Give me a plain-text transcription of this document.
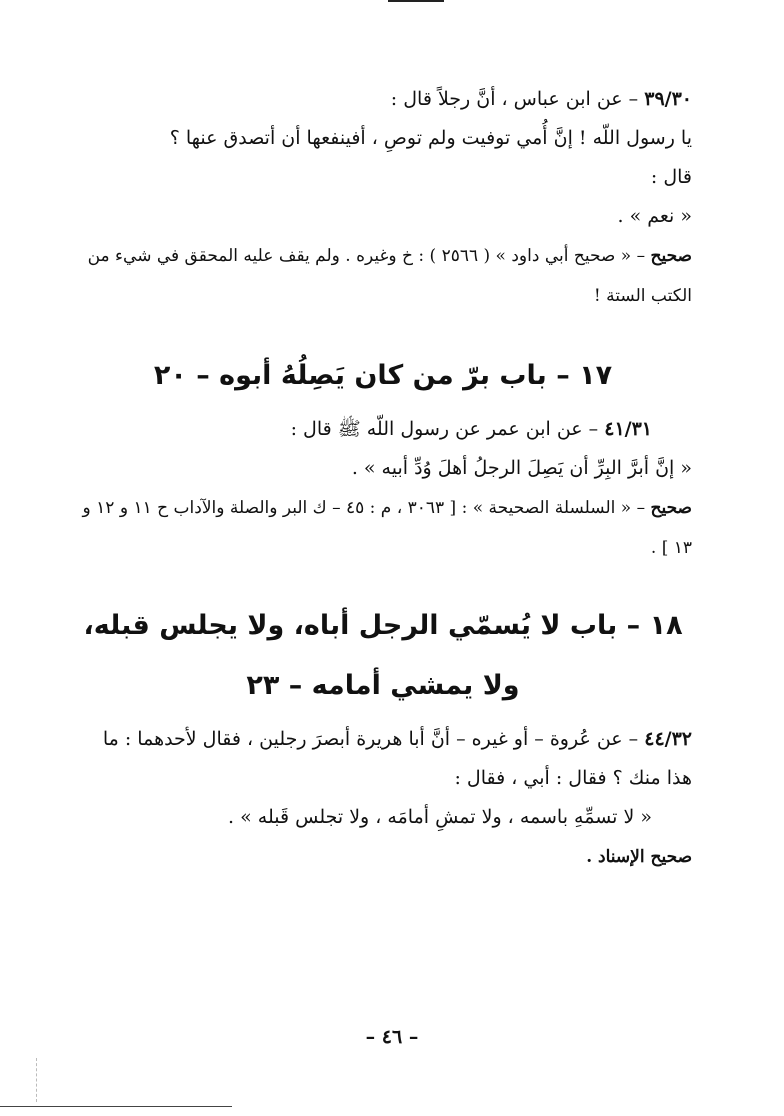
٣٩/٣٠ – عن ابن عباس ، أنَّ رجلاً قال :

يا رسول اللّه ! إنَّ أُمي توفيت ولم توصِ ، أفينفعها أن أتصدق عنها ؟

قال :

« نعم » .

صحيح – « صحيح أبي داود » ( ٢٥٦٦ ) : خ وغيره . ولم يقف عليه المحقق في شيء من الكتب الستة !

١٧ – باب برّ من كان يَصِلُهُ أبوه – ٢٠

٤١/٣١ – عن ابن عمر عن رسول اللّه ﷺ قال :

« إنَّ أبرَّ البِرِّ أن يَصِلَ الرجلُ أهلَ وُدِّ أبيه » .

صحيح – « السلسلة الصحيحة » : [ ٣٠٦٣ ، م : ٤٥ – ك البر والصلة والآداب ح ١١ و ١٢ و ١٣ ] .

١٨ – باب لا يُسمّي الرجل أباه، ولا يجلس قبله،
ولا يمشي أمامه – ٢٣

٤٤/٣٢ – عن عُروة – أو غيره – أنَّ أبا هريرة أبصرَ رجلين ، فقال لأحدهما : ما هذا منك ؟ فقال : أبي ، فقال :

« لا تسمِّهِ باسمه ، ولا تمشِ أمامَه ، ولا تجلس قَبله » .

صحيح الإسناد .

– ٤٦ –
